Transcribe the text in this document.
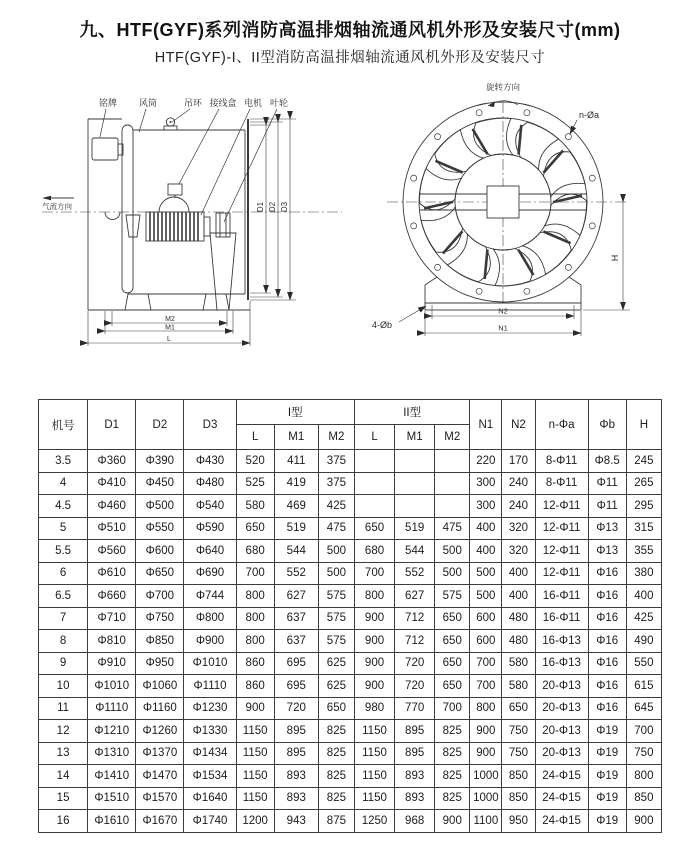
九、HTF(GYF)系列消防高温排烟轴流通风机外形及安装尺寸(mm)
HTF(GYF)-I、II型消防高温排烟轴流通风机外形及安装尺寸
铭牌 风筒	吊环 接线盒 电机 叶轮
气流方向	D1 D2 D3
M2
M1
L
旋转方向
n-Øa
4-Øb
H
N2
N1
机号	D1	D2	D3	I型			II型			N1	N2	n-Φa	Φb	H
				L	M1	M2	L	M1	M2					
3.5	Φ360	Φ390	Φ430	520	411	375				220	170	8-Φ11	Φ8.5	245
4	Φ410	Φ450	Φ480	525	419	375				300	240	8-Φ11	Φ11	265
4.5	Φ460	Φ500	Φ540	580	469	425				300	240	12-Φ11	Φ11	295
5	Φ510	Φ550	Φ590	650	519	475	650	519	475	400	320	12-Φ11	Φ13	315
5.5	Φ560	Φ600	Φ640	680	544	500	680	544	500	400	320	12-Φ11	Φ13	355
6	Φ610	Φ650	Φ690	700	552	500	700	552	500	500	400	12-Φ11	Φ16	380
6.5	Φ660	Φ700	Φ744	800	627	575	800	627	575	500	400	16-Φ11	Φ16	400
7	Φ710	Φ750	Φ800	800	637	575	900	712	650	600	480	16-Φ11	Φ16	425
8	Φ810	Φ850	Φ900	800	637	575	900	712	650	600	480	16-Φ13	Φ16	490
9	Φ910	Φ950	Φ1010	860	695	625	900	720	650	700	580	16-Φ13	Φ16	550
10	Φ1010	Φ1060	Φ1110	860	695	625	900	720	650	700	580	20-Φ13	Φ16	615
11	Φ1110	Φ1160	Φ1230	900	720	650	980	770	700	800	650	20-Φ13	Φ16	645
12	Φ1210	Φ1260	Φ1330	1150	895	825	1150	895	825	900	750	20-Φ13	Φ19	700
13	Φ1310	Φ1370	Φ1434	1150	895	825	1150	895	825	900	750	20-Φ13	Φ19	750
14	Φ1410	Φ1470	Φ1534	1150	893	825	1150	893	825	1000	850	24-Φ15	Φ19	800
15	Φ1510	Φ1570	Φ1640	1150	893	825	1150	893	825	1000	850	24-Φ15	Φ19	850
16	Φ1610	Φ1670	Φ1740	1200	943	875	1250	968	900	1100	950	24-Φ15	Φ19	900
